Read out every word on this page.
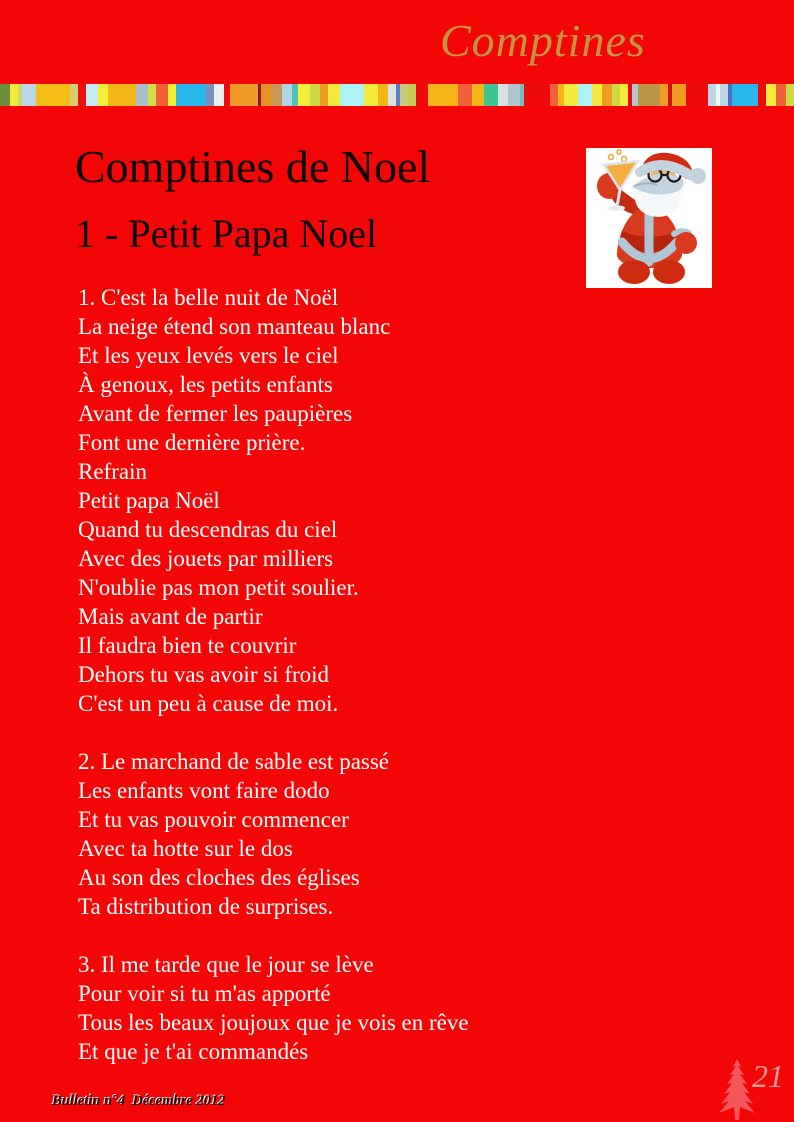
Comptines
Comptines de Noel
1 - Petit Papa Noel
1. C'est la belle nuit de Noël
La neige étend son manteau blanc
Et les yeux levés vers le ciel
À genoux, les petits enfants
Avant de fermer les paupières
Font une dernière prière.
Refrain
Petit papa Noël
Quand tu descendras du ciel
Avec des jouets par milliers
N'oublie pas mon petit soulier.
Mais avant de partir
Il faudra bien te couvrir
Dehors tu vas avoir si froid
C'est un peu à cause de moi.
2. Le marchand de sable est passé
Les enfants vont faire dodo
Et tu vas pouvoir commencer
Avec ta hotte sur le dos
Au son des cloches des églises
Ta distribution de surprises.
3. Il me tarde que le jour se lève
Pour voir si tu m'as apporté
Tous les beaux joujoux que je vois en rêve
Et que je t'ai commandés
Bulletin n°4  Décembre 2012
21
